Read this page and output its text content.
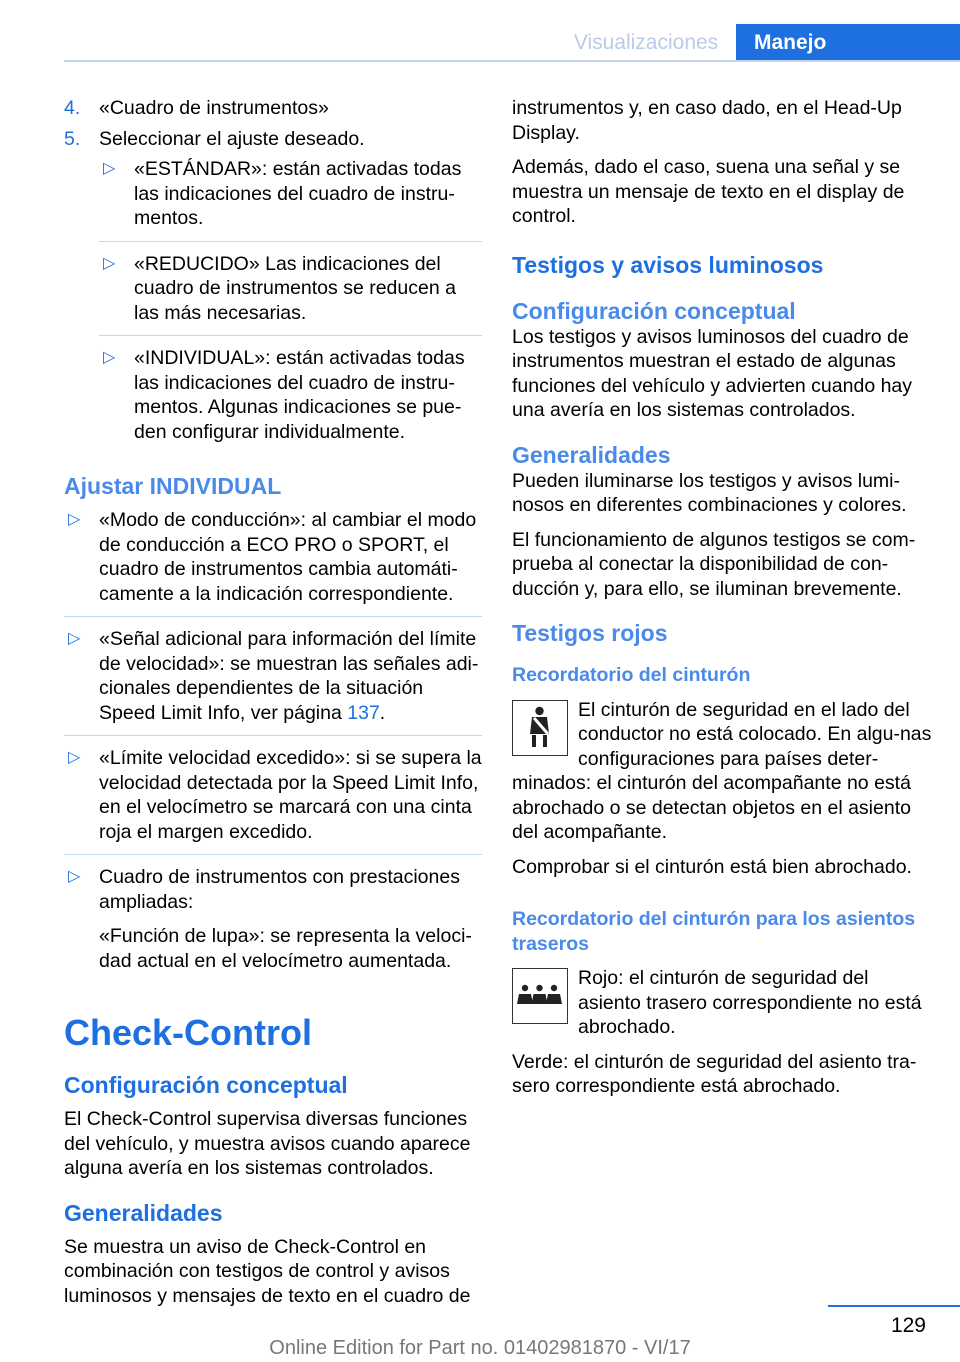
Visualizaciones	Manejo
4. «Cuadro de instrumentos»
5. Seleccionar el ajuste deseado.
▷ «ESTÁNDAR»: están activadas todas las indicaciones del cuadro de instru‐mentos.

▷ «REDUCIDO» Las indicaciones del cuadro de instrumentos se reducen a las más necesarias.

▷ «INDIVIDUAL»: están activadas todas las indicaciones del cuadro de instru‐mentos. Algunas indicaciones se pue‐den configurar individualmente.

Ajustar INDIVIDUAL
▷ «Modo de conducción»: al cambiar el modo de conducción a ECO PRO o SPORT, el cuadro de instrumentos cambia automáti‐camente a la indicación correspondiente.

▷ «Señal adicional para información del límite de velocidad»: se muestran las señales adi‐cionales dependientes de la situación Speed Limit Info, ver página 137.

▷ «Límite velocidad excedido»: si se supera la velocidad detectada por la Speed Limit Info, en el velocímetro se marcará con una cinta roja el margen excedido.

▷ Cuadro de instrumentos con prestaciones ampliadas:

«Función de lupa»: se representa la veloci‐dad actual en el velocímetro aumentada.

Check-Control
Configuración conceptual

El Check-Control supervisa diversas funciones del vehículo, y muestra avisos cuando aparece alguna avería en los sistemas controlados.

Generalidades

Se muestra un aviso de Check-Control en combinación con testigos de control y avisos luminosos y mensajes de texto en el cuadro de

instrumentos y, en caso dado, en el Head-Up Display.

Además, dado el caso, suena una señal y se muestra un mensaje de texto en el display de control.

Testigos y avisos luminosos
Configuración conceptual

Los testigos y avisos luminosos del cuadro de instrumentos muestran el estado de algunas funciones del vehículo y advierten cuando hay una avería en los sistemas controlados.

Generalidades

Pueden iluminarse los testigos y avisos lumi‐nosos en diferentes combinaciones y colores.

El funcionamiento de algunos testigos se com‐prueba al conectar la disponibilidad de con‐ducción y, para ello, se iluminan brevemente.

Testigos rojos
Recordatorio del cinturón

El cinturón de seguridad en el lado del conductor no está colocado. En algu‐nas configuraciones para países deter‐minados: el cinturón del acompañante no está abrochado o se detectan objetos en el asiento del acompañante.

Comprobar si el cinturón está bien abrochado.

Recordatorio del cinturón para los asientos traseros

Rojo: el cinturón de seguridad del asiento trasero correspondiente no está abrochado.

Verde: el cinturón de seguridad del asiento tra‐sero correspondiente está abrochado.

129
Online Edition for Part no. 01402981870 - VI/17
